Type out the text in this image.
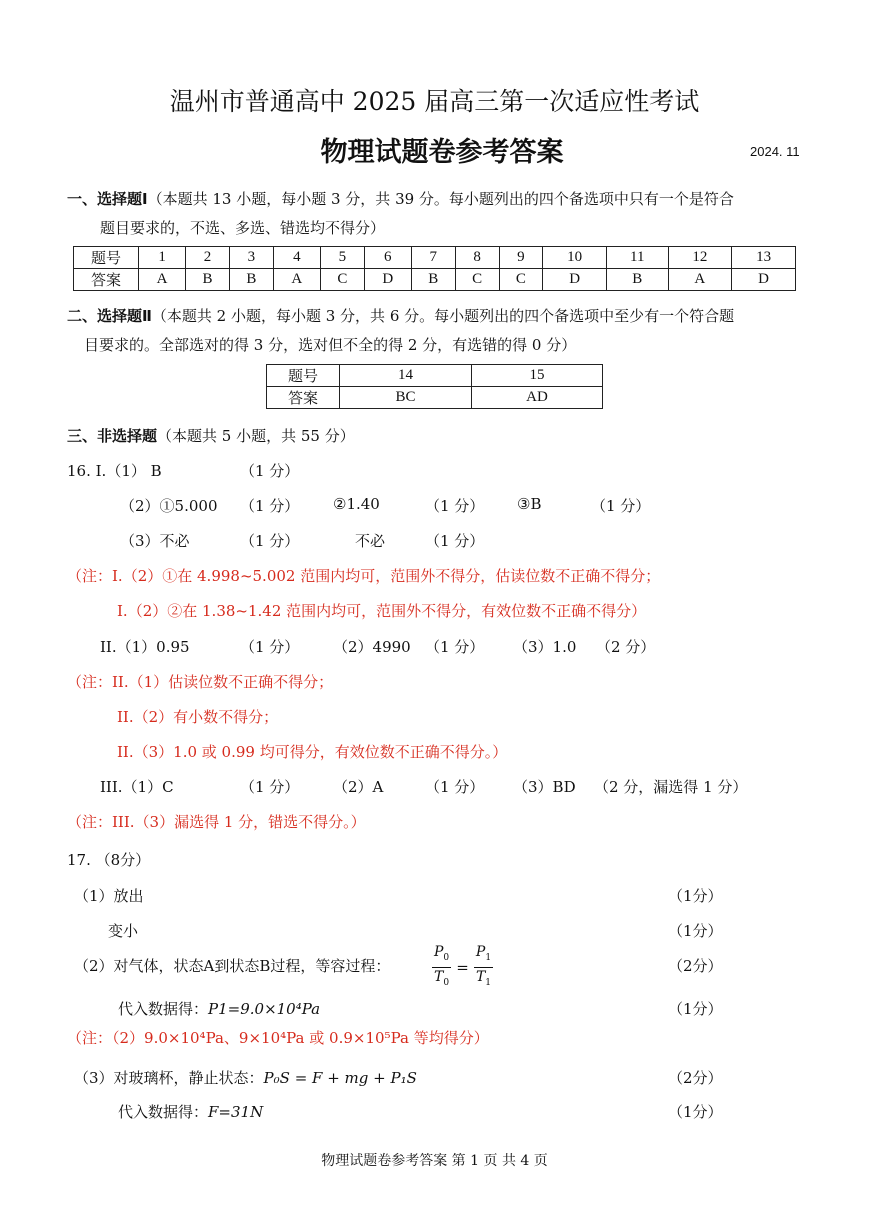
温州市普通高中 2025 届高三第一次适应性考试
物理试题卷参考答案	2024. 11
一、选择题Ⅰ（本题共 13 小题，每小题 3 分，共 39 分。每小题列出的四个备选项中只有一个是符合
题目要求的，不选、多选、错选均不得分）
题号	1	2	3	4	5	6	7	8	9	10	11	12	13
答案	A	B	B	A	C	D	B	C	C	D	B	A	D
二、选择题Ⅱ（本题共 2 小题，每小题 3 分，共 6 分。每小题列出的四个备选项中至少有一个符合题
目要求的。全部选对的得 3 分，选对但不全的得 2 分，有选错的得 0 分）
题号	14	15
答案	BC	AD
三、非选择题（本题共 5 小题，共 55 分）
16. I.（1） B	（1 分）
（2）①5.000 （1 分） ②1.40	（1 分） ③B	（1 分）
（3）不必	（1 分）	不必	（1 分）
（注：I.（2）①在 4.998~5.002 范围内均可，范围外不得分，估读位数不正确不得分；
I.（2）②在 1.38~1.42 范围内均可，范围外不得分，有效位数不正确不得分）
II.（1）0.95	（1 分） （2）4990 （1 分） （3）1.0 （2 分）
（注：II.（1）估读位数不正确不得分；
II.（2）有小数不得分；
II.（3）1.0 或 0.99 均可得分，有效位数不正确不得分。）
III.（1）C	（1 分） （2）A	（1 分） （3）BD （2 分，漏选得 1 分）
（注：III.（3）漏选得 1 分，错选不得分。）
17. （8分）
（1）放出	（1分）
变小	（1分）
（2）对气体，状态A到状态B过程，等容过程：	$\frac{P_0}{T_0} = \frac{P_1}{T_1}$	（2分）
代入数据得：P1=9.0×10⁴Pa	（1分）
（注：（2）9.0×10⁴Pa、9×10⁴Pa 或 0.9×10⁵Pa 等均得分）
（3）对玻璃杯，静止状态：P₀S = F + mg + P₁S	（2分）
代入数据得：F=31N	（1分）
物理试题卷参考答案 第 1 页 共 4 页
